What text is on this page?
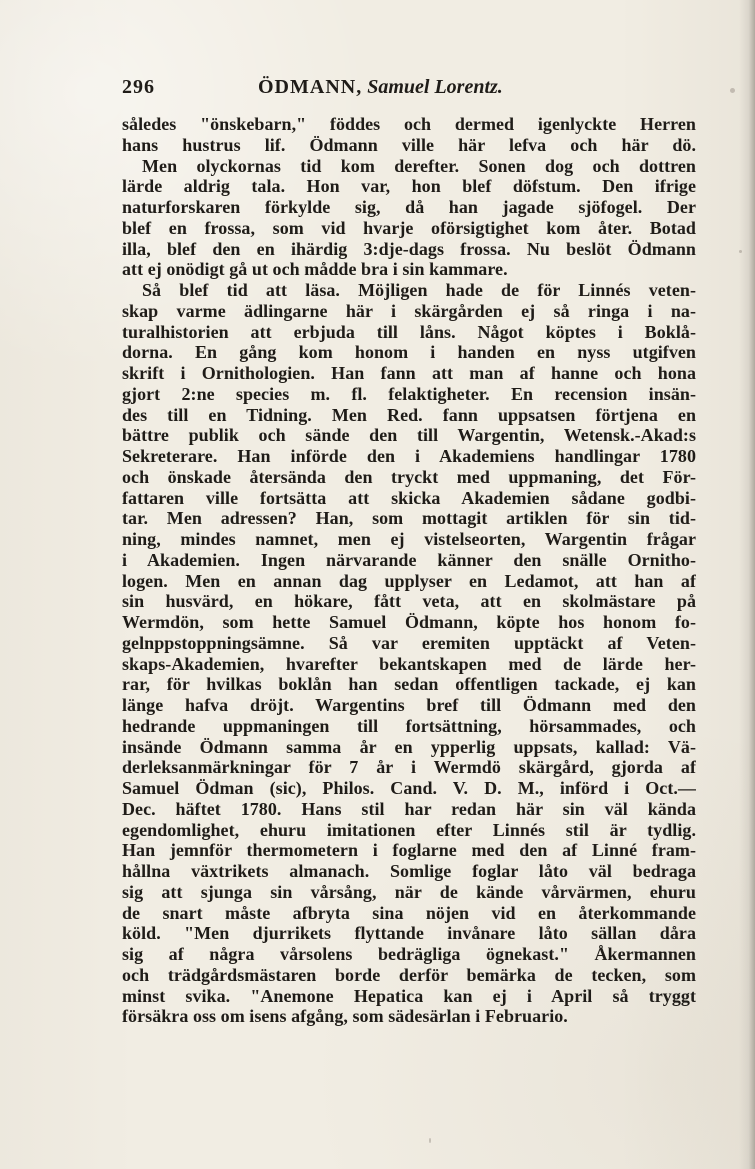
296	ÖDMANN, Samuel Lorentz.
således "önskebarn," föddes och dermed igenlyckte Herren
hans hustrus lif. Ödmann ville här lefva och här dö.
Men olyckornas tid kom derefter. Sonen dog och dottren
lärde aldrig tala. Hon var, hon blef döfstum. Den ifrige
naturforskaren förkylde sig, då han jagade sjöfogel. Der
blef en frossa, som vid hvarje oförsigtighet kom åter. Botad
illa, blef den en ihärdig 3:dje-dags frossa. Nu beslöt Ödmann
att ej onödigt gå ut och mådde bra i sin kammare.
Så blef tid att läsa. Möjligen hade de för Linnés veten-
skap varme ädlingarne här i skärgården ej så ringa i na-
turalhistorien att erbjuda till låns. Något köptes i Boklå-
dorna. En gång kom honom i handen en nyss utgifven
skrift i Ornithologien. Han fann att man af hanne och hona
gjort 2:ne species m. fl. felaktigheter. En recension insän-
des till en Tidning. Men Red. fann uppsatsen förtjena en
bättre publik och sände den till Wargentin, Wetensk.-Akad:s
Sekreterare. Han införde den i Akademiens handlingar 1780
och önskade återsända den tryckt med uppmaning, det För-
fattaren ville fortsätta att skicka Akademien sådane godbi-
tar. Men adressen? Han, som mottagit artiklen för sin tid-
ning, mindes namnet, men ej vistelseorten, Wargentin frågar
i Akademien. Ingen närvarande känner den snälle Ornitho-
logen. Men en annan dag upplyser en Ledamot, att han af
sin husvärd, en hökare, fått veta, att en skolmästare på
Wermdön, som hette Samuel Ödmann, köpte hos honom fo-
gelnppstoppningsämne. Så var eremiten upptäckt af Veten-
skaps-Akademien, hvarefter bekantskapen med de lärde her-
rar, för hvilkas boklån han sedan offentligen tackade, ej kan
länge hafva dröjt. Wargentins bref till Ödmann med den
hedrande uppmaningen till fortsättning, hörsammades, och
insände Ödmann samma år en ypperlig uppsats, kallad: Vä-
derleksanmärkningar för 7 år i Wermdö skärgård, gjorda af
Samuel Ödman (sic), Philos. Cand. V. D. M., införd i Oct.—
Dec. häftet 1780. Hans stil har redan här sin väl kända
egendomlighet, ehuru imitationen efter Linnés stil är tydlig.
Han jemnför thermometern i foglarne med den af Linné fram-
hållna växtrikets almanach. Somlige foglar låto väl bedraga
sig att sjunga sin vårsång, när de kände vårvärmen, ehuru
de snart måste afbryta sina nöjen vid en återkommande
köld. "Men djurrikets flyttande invånare låto sällan dåra
sig af några vårsolens bedrägliga ögnekast." Åkermannen
och trädgårdsmästaren borde derför bemärka de tecken, som
minst svika. "Anemone Hepatica kan ej i April så tryggt
försäkra oss om isens afgång, som sädesärlan i Februario.
